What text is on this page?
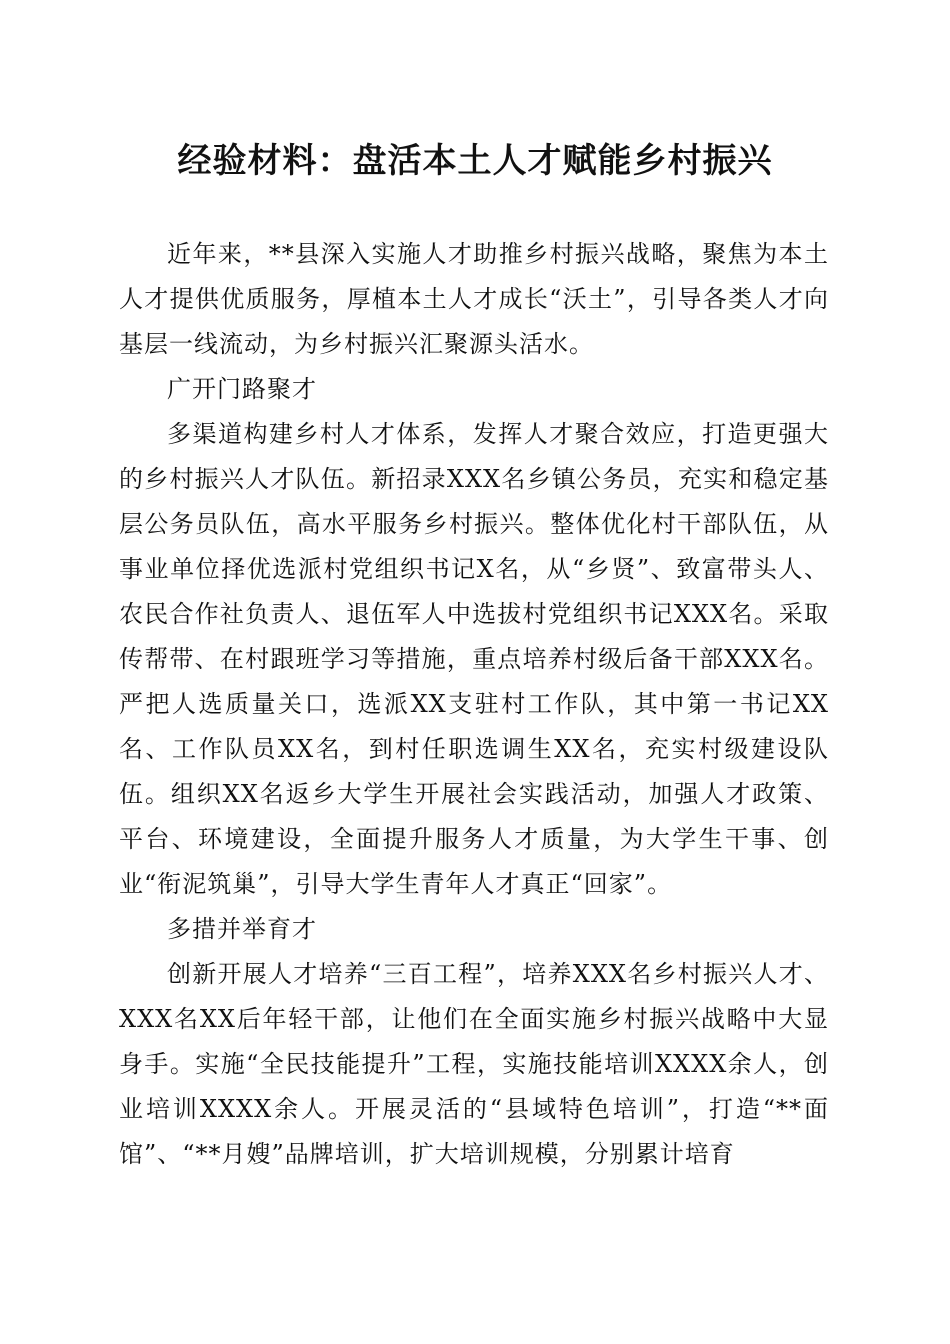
经验材料：盘活本土人才赋能乡村振兴

近年来，**县深入实施人才助推乡村振兴战略，聚焦为本土人才提供优质服务，厚植本土人才成长“沃土”，引导各类人才向基层一线流动，为乡村振兴汇聚源头活水。

广开门路聚才

多渠道构建乡村人才体系，发挥人才聚合效应，打造更强大的乡村振兴人才队伍。新招录XXX名乡镇公务员，充实和稳定基层公务员队伍，高水平服务乡村振兴。整体优化村干部队伍，从事业单位择优选派村党组织书记X名，从“乡贤”、致富带头人、农民合作社负责人、退伍军人中选拔村党组织书记XXX名。采取传帮带、在村跟班学习等措施，重点培养村级后备干部XXX名。严把人选质量关口，选派XX支驻村工作队，其中第一书记XX名、工作队员XX名，到村任职选调生XX名，充实村级建设队伍。组织XX名返乡大学生开展社会实践活动，加强人才政策、平台、环境建设，全面提升服务人才质量，为大学生干事、创业“衔泥筑巢”，引导大学生青年人才真正“回家”。

多措并举育才

创新开展人才培养“三百工程”，培养XXX名乡村振兴人才、XXX名XX后年轻干部，让他们在全面实施乡村振兴战略中大显身手。实施“全民技能提升”工程，实施技能培训XXXX余人，创业培训XXXX余人。开展灵活的“县域特色培训”，打造“**面馆”、“**月嫂”品牌培训，扩大培训规模，分别累计培育
